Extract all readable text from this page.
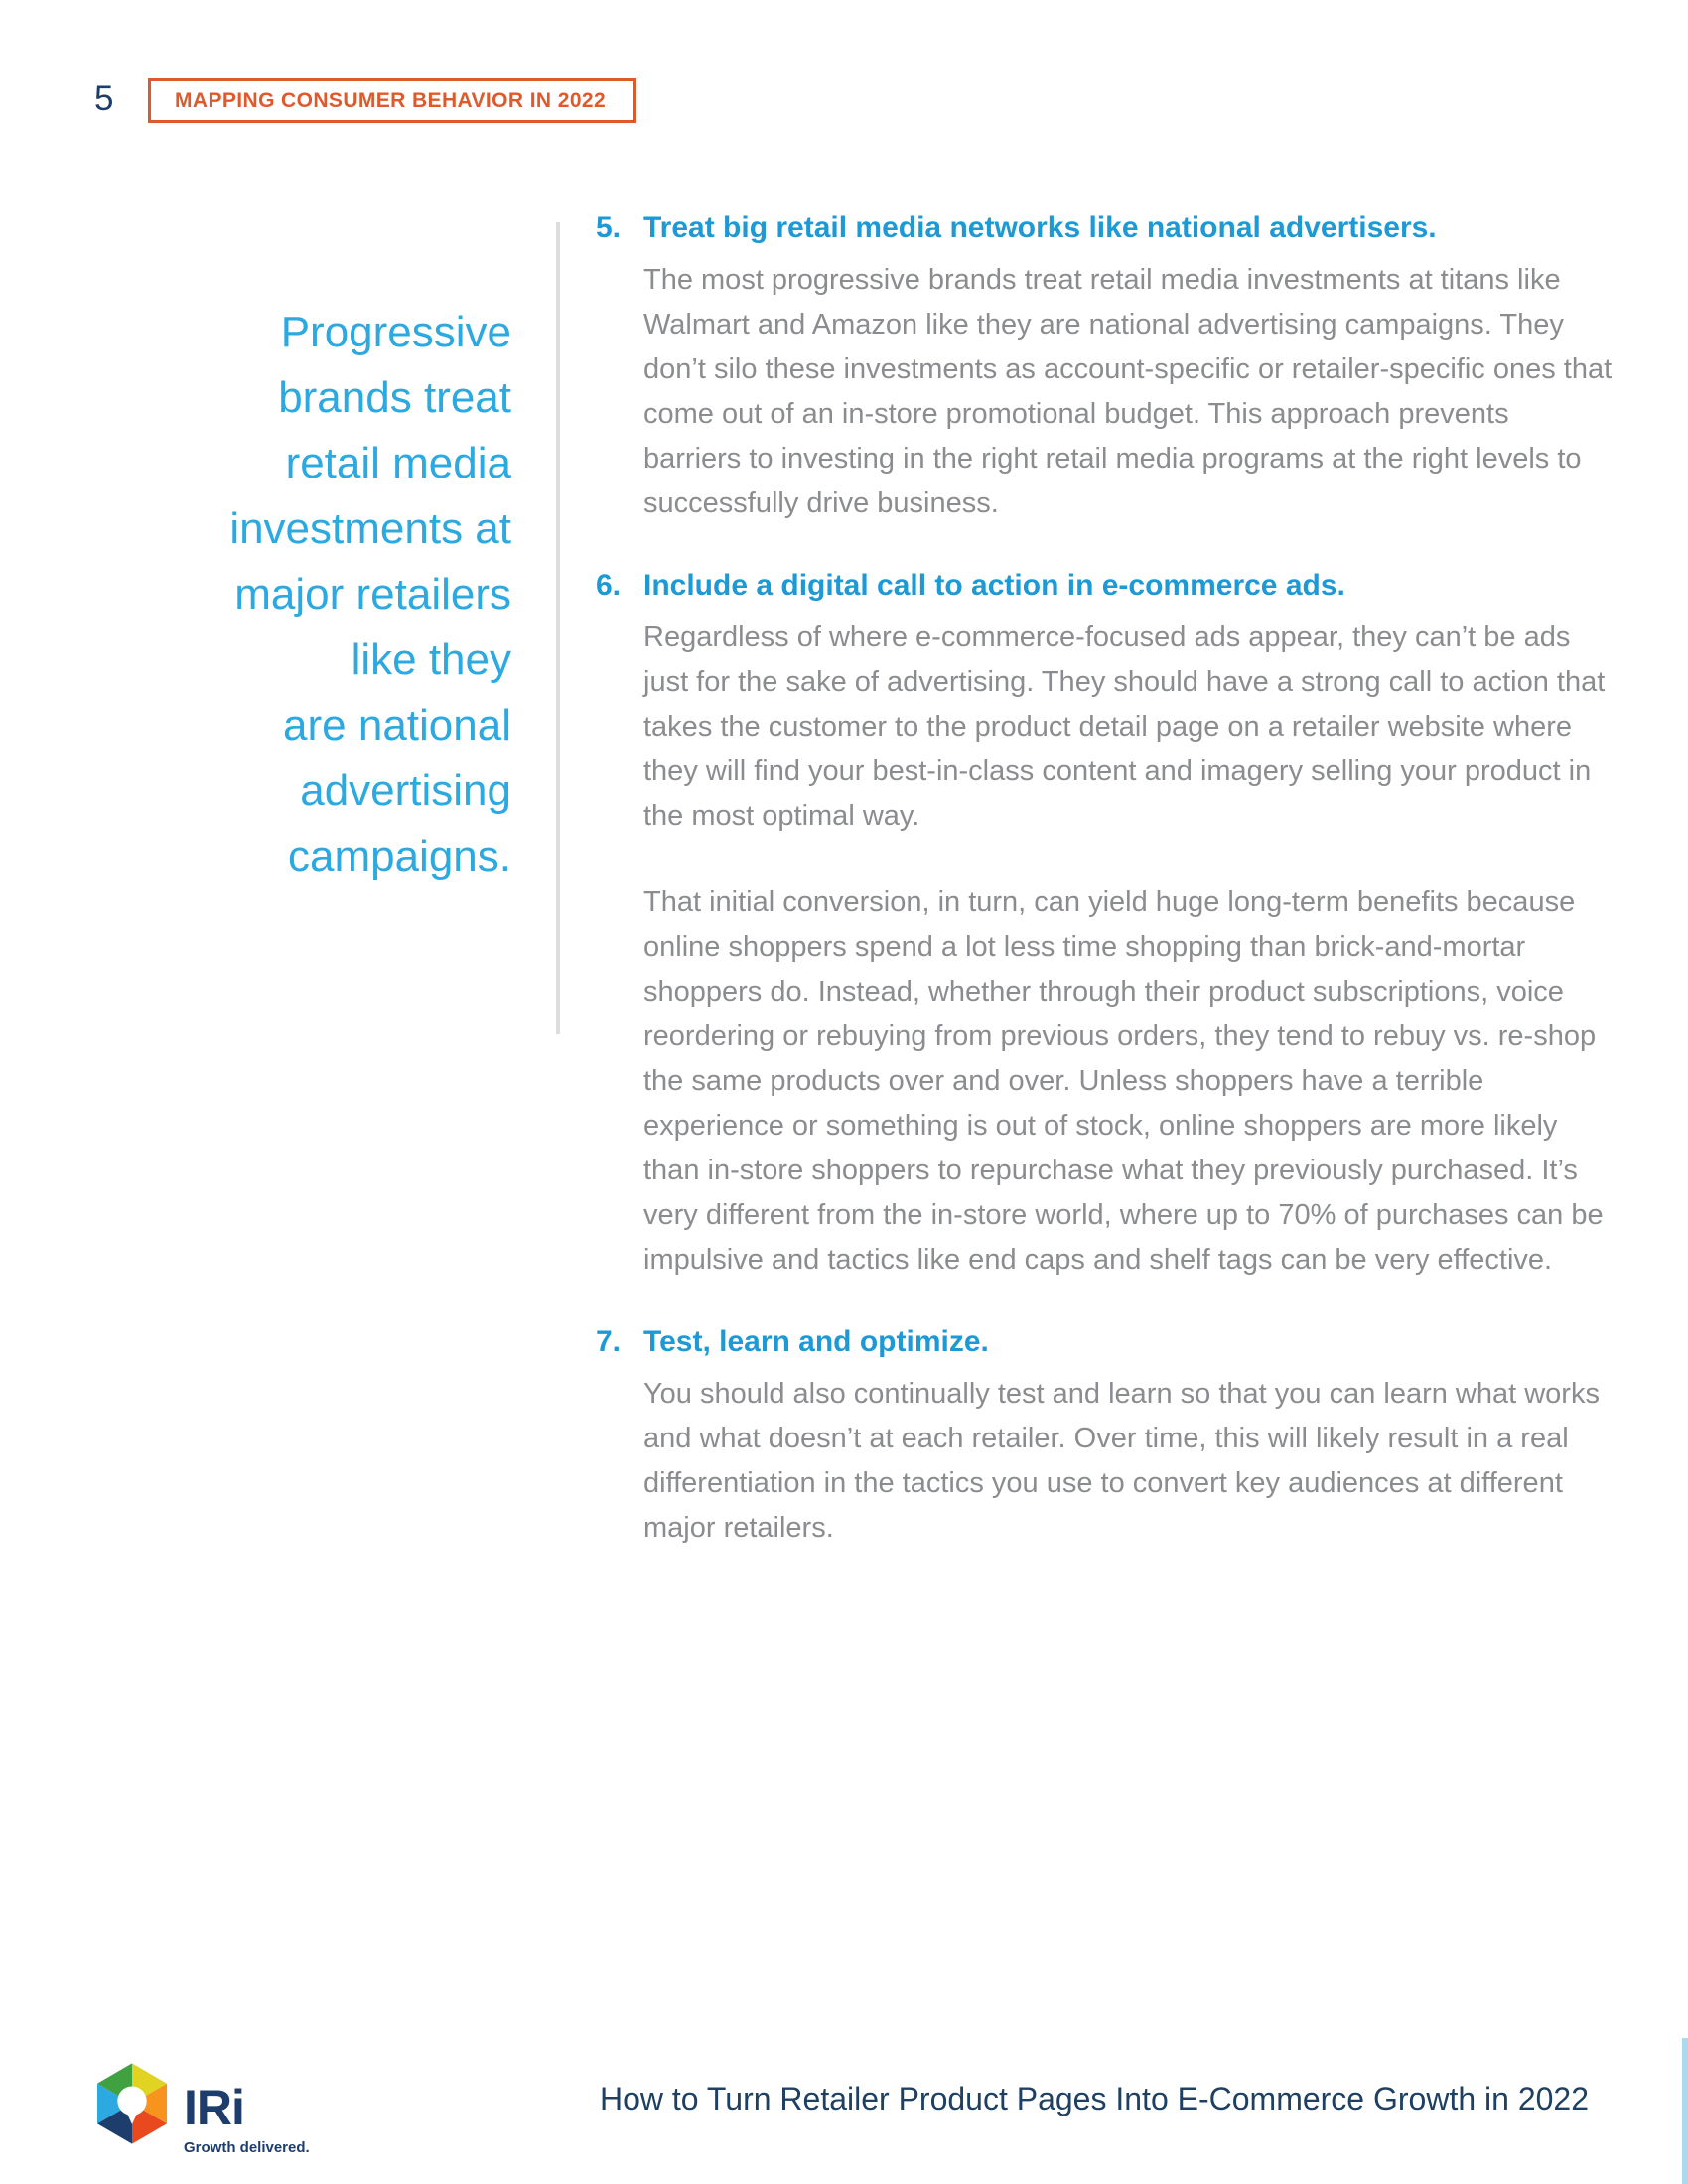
5	MAPPING CONSUMER BEHAVIOR IN 2022
Progressive
brands treat
retail media
investments at
major retailers
like they
are national
advertising
campaigns.
5. Treat big retail media networks like national advertisers.

The most progressive brands treat retail media investments at titans like Walmart and Amazon like they are national advertising campaigns. They don’t silo these investments as account-specific or retailer-specific ones that come out of an in-store promotional budget. This approach prevents barriers to investing in the right retail media programs at the right levels to successfully drive business.

6. Include a digital call to action in e-commerce ads.

Regardless of where e-commerce-focused ads appear, they can’t be ads just for the sake of advertising. They should have a strong call to action that takes the customer to the product detail page on a retailer website where they will find your best-in-class content and imagery selling your product in the most optimal way.

That initial conversion, in turn, can yield huge long-term benefits because online shoppers spend a lot less time shopping than brick-and-mortar shoppers do. Instead, whether through their product subscriptions, voice reordering or rebuying from previous orders, they tend to rebuy vs. re-shop the same products over and over. Unless shoppers have a terrible experience or something is out of stock, online shoppers are more likely than in-store shoppers to repurchase what they previously purchased. It’s very different from the in-store world, where up to 70% of purchases can be impulsive and tactics like end caps and shelf tags can be very effective.

7. Test, learn and optimize.

You should also continually test and learn so that you can learn what works and what doesn’t at each retailer. Over time, this will likely result in a real differentiation in the tactics you use to convert key audiences at different major retailers.

IRi
Growth delivered.
How to Turn Retailer Product Pages Into E-Commerce Growth in 2022
